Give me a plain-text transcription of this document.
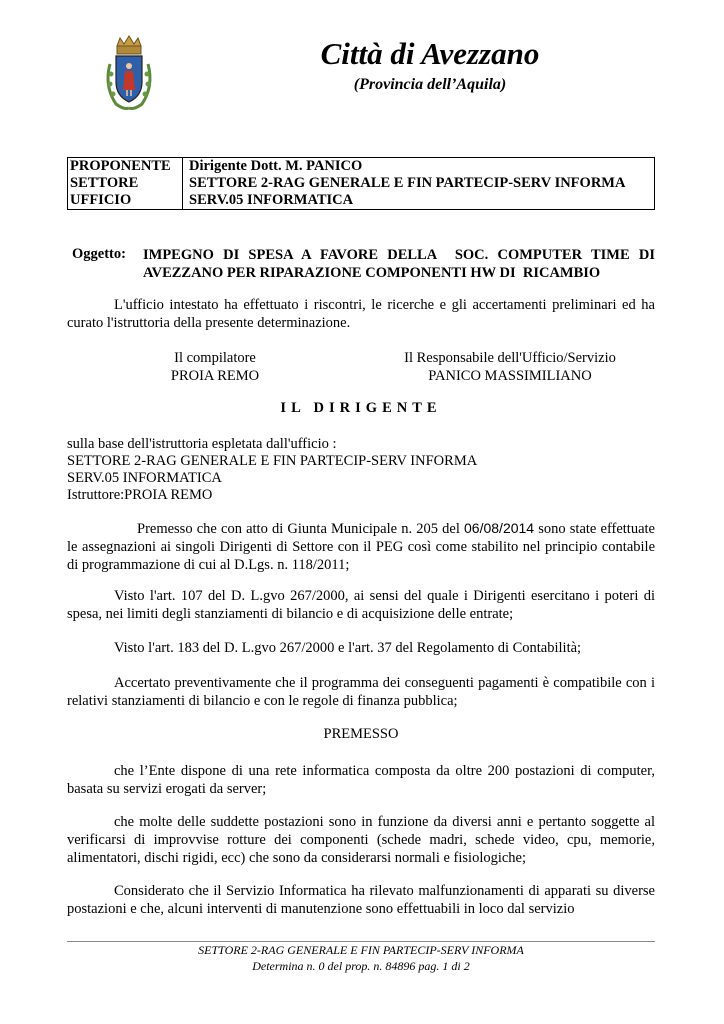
Città di Avezzano
(Provincia dell’Aquila)
PROPONENTE	Dirigente Dott. M. PANICO
SETTORE	SETTORE 2-RAG GENERALE E FIN PARTECIP-SERV INFORMA
UFFICIO	SERV.05 INFORMATICA
Oggetto: IMPEGNO DI SPESA A FAVORE DELLA  SOC. COMPUTER TIME DI AVEZZANO PER RIPARAZIONE COMPONENTI HW DI  RICAMBIO
L'ufficio intestato ha effettuato i riscontri, le ricerche e gli accertamenti preliminari ed ha curato l'istruttoria della presente determinazione.
Il compilatore
PROIA REMO
Il Responsabile dell'Ufficio/Servizio
PANICO MASSIMILIANO
IL DIRIGENTE
sulla base dell'istruttoria espletata dall'ufficio :
SETTORE 2-RAG GENERALE E FIN PARTECIP-SERV INFORMA
SERV.05 INFORMATICA
Istruttore:PROIA REMO
Premesso che con atto di Giunta Municipale n. 205 del 06/08/2014 sono state effettuate le assegnazioni ai singoli Dirigenti di Settore con il PEG così come stabilito nel principio contabile di programmazione di cui al D.Lgs. n. 118/2011;
Visto l'art. 107 del D. L.gvo 267/2000, ai sensi del quale i Dirigenti esercitano i poteri di spesa, nei limiti degli stanziamenti di bilancio e di acquisizione delle entrate;
Visto l'art. 183 del D. L.gvo 267/2000 e l'art. 37 del Regolamento di Contabilità;
Accertato preventivamente che il programma dei conseguenti pagamenti è compatibile con i relativi stanziamenti di bilancio e con le regole di finanza pubblica;
PREMESSO
che l’Ente dispone di una rete informatica composta da oltre 200 postazioni di computer, basata su servizi erogati da server;
che molte delle suddette postazioni sono in funzione da diversi anni e pertanto soggette al verificarsi di improvvise rotture dei componenti (schede madri, schede video, cpu, memorie, alimentatori, dischi rigidi, ecc) che sono da considerarsi normali e fisiologiche;
Considerato che il Servizio Informatica ha rilevato malfunzionamenti di apparati su diverse postazioni e che, alcuni interventi di manutenzione sono effettuabili in loco dal servizio
SETTORE 2-RAG GENERALE E FIN PARTECIP-SERV INFORMA
Determina n. 0 del prop. n. 84896 pag. 1 di 2
